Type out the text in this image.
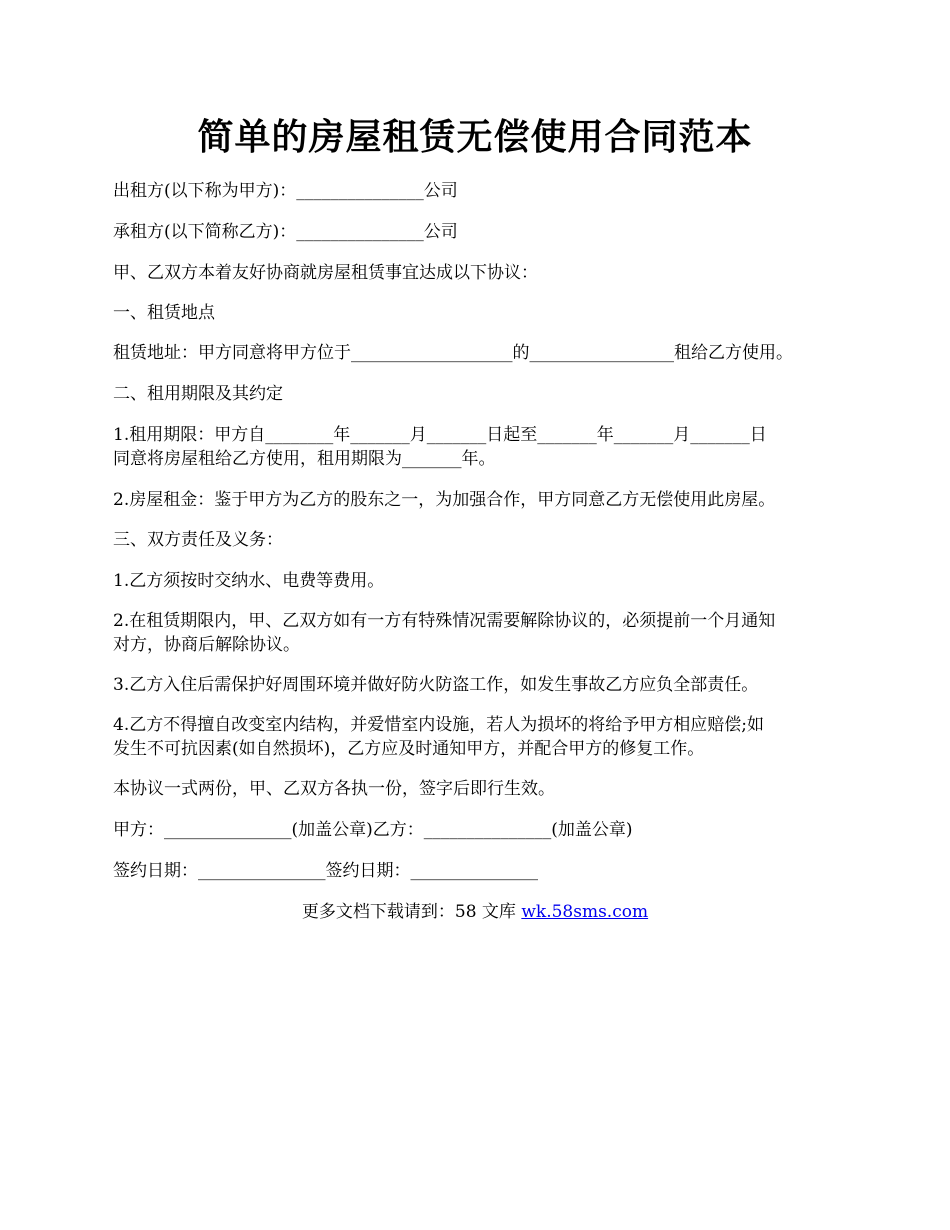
简单的房屋租赁无偿使用合同范本
出租方(以下称为甲方)：_______________公司
承租方(以下简称乙方)：_______________公司
甲、乙双方本着友好协商就房屋租赁事宜达成以下协议：
一、租赁地点
租赁地址：甲方同意将甲方位于___________________的_________________租给乙方使用。
二、租用期限及其约定
1.租用期限：甲方自________年_______月_______日起至_______年_______月_______日
同意将房屋租给乙方使用，租用期限为_______年。
2.房屋租金：鉴于甲方为乙方的股东之一，为加强合作，甲方同意乙方无偿使用此房屋。
三、双方责任及义务：
1.乙方须按时交纳水、电费等费用。
2.在租赁期限内，甲、乙双方如有一方有特殊情况需要解除协议的，必须提前一个月通知
对方，协商后解除协议。
3.乙方入住后需保护好周围环境并做好防火防盗工作，如发生事故乙方应负全部责任。
4.乙方不得擅自改变室内结构，并爱惜室内设施，若人为损坏的将给予甲方相应赔偿;如
发生不可抗因素(如自然损坏)，乙方应及时通知甲方，并配合甲方的修复工作。
本协议一式两份，甲、乙双方各执一份，签字后即行生效。
甲方：_______________(加盖公章)乙方：_______________(加盖公章)
签约日期：_______________签约日期：_______________
更多文档下载请到：58 文库 wk.58sms.com
